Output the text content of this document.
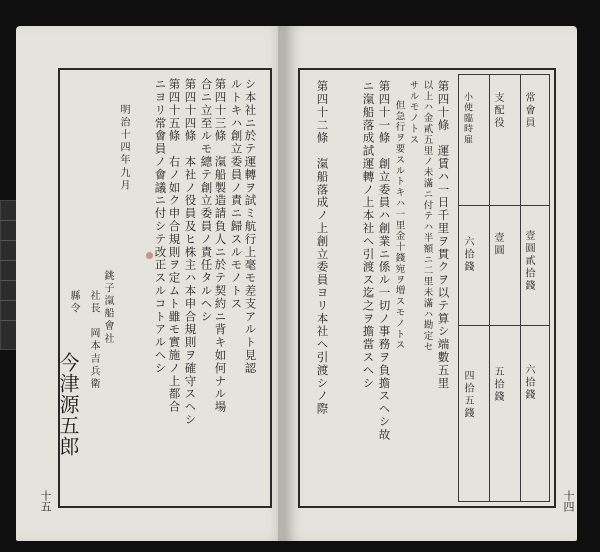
シ本社ニ於テ運轉ヲ試ミ航行上毫モ差支アルト見認
ルトキハ創立委員ノ責ニ歸スルモノトス
第四十三條　滊船製造請負人ニ於テ契約ニ背キ如何ナル場
合ニ立至ルモ總テ創立委員ノ責任タルヘシ
第四十四條　本社ノ役員及ヒ株主ハ本申合規則ヲ確守スヘシ
第四十五條　右ノ如ク申合規則ヲ定ムト雖モ實施ノ上都合
ニヨリ常會員ノ會議ニ付シテ改正スルコトアルヘシ
明治十四年九月
銚子滊船會社
社長　岡本吉兵衛
縣令　
今津源五郎
十五
第四十條　運賃ハ一日千里ヲ貫クヲ以テ算シ端數五里
以上ハ金貳五里ノ未滿ニ付テハ半額ニ二里未滿ハ勘定セ
サルモノトス
但急行ヲ要スルトキハ一里金十錢宛ヲ増スモノトス
第四十一條　創立委員ハ創業ニ係ル一切ノ事務ヲ負擔スヘシ故
ニ滊船落成試運轉ノ上本社ヘ引渡ス迄之ヲ擔當スヘシ
第四十二條　滊船落成ノ上創立委員ヨリ本社ヘ引渡シノ際	常會員
壹圓貳拾錢
六拾錢
支配役
壹圓
五拾錢
小使臨時雇
六拾錢
四拾五錢
十四
